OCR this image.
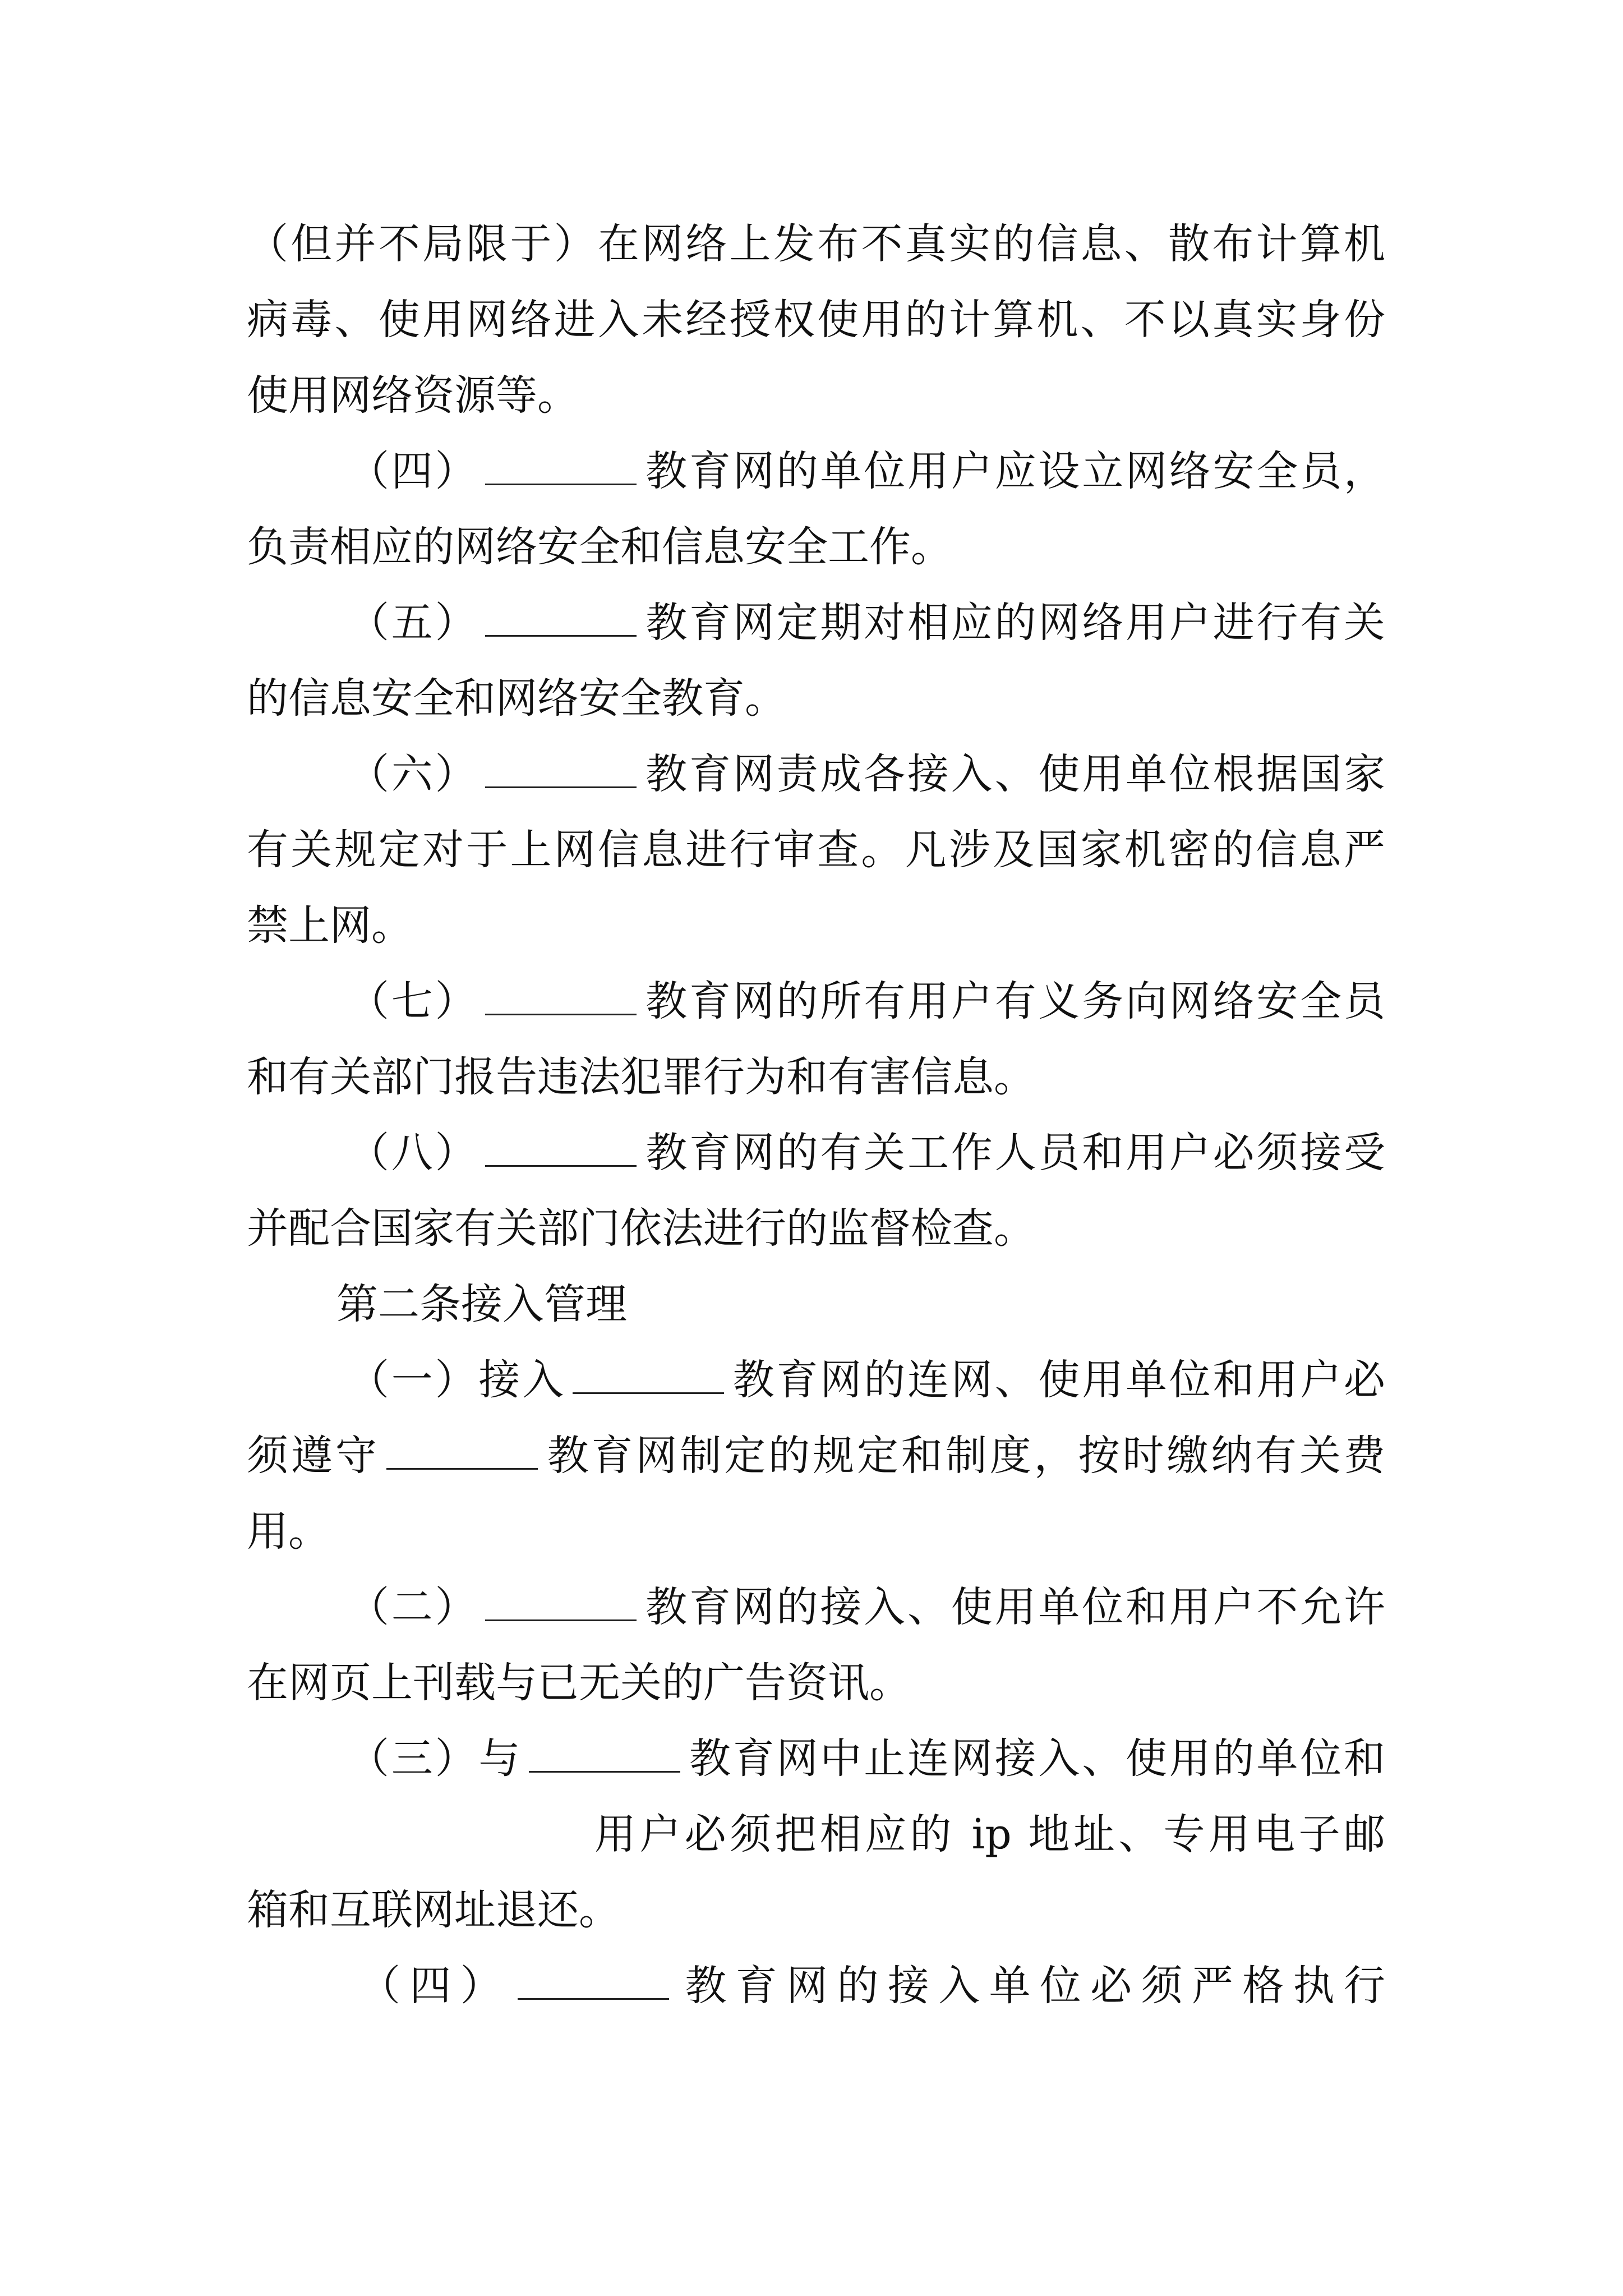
（但并不局限于）在网络上发布不真实的信息、散布计算机
病毒、使用网络进入未经授权使用的计算机、不以真实身份
使用网络资源等。
（四）	教育网的单位用户应设立网络安全员，
负责相应的网络安全和信息安全工作。
（五）	教育网定期对相应的网络用户进行有关
的信息安全和网络安全教育。
（六）	教育网责成各接入、使用单位根据国家
有关规定对于上网信息进行审查。凡涉及国家机密的信息严
禁上网。
（七）	教育网的所有用户有义务向网络安全员
和有关部门报告违法犯罪行为和有害信息。
（八）	教育网的有关工作人员和用户必须接受
并配合国家有关部门依法进行的监督检查。
第二条接入管理
（一）接入	教育网的连网、使用单位和用户必
须遵守	教育网制定的规定和制度，按时缴纳有关费
用。
（二）	教育网的接入、使用单位和用户不允许
在网页上刊载与已无关的广告资讯。
（三）与	教育网中止连网接入、使用的单位和
用户必须把相应的 ip 地址、专用电子邮
箱和互联网址退还。
（四）	教育网的接入单位必须严格执行
